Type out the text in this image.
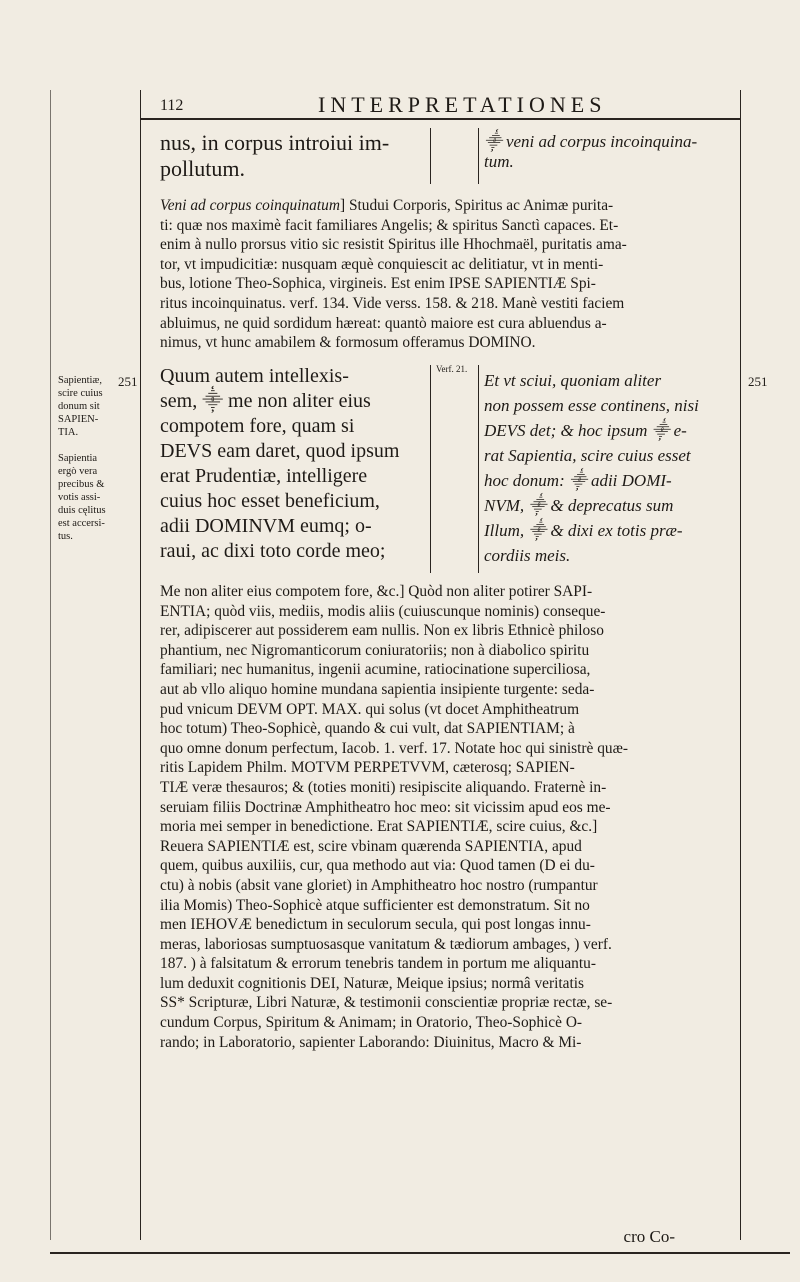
112	INTERPRETATIONES
nus, in corpus introiui im-
pollutum.
⸎ veni ad corpus incoinquina-
tum.
Veni ad corpus coinquinatum] Studui Corporis, Spiritus ac Animæ purita-
ti: quæ nos maximè facit familiares Angelis; & spiritus Sanctì capaces. Et-
enim à nullo prorsus vitio sic resistit Spiritus ille Hhochmaël, puritatis ama-
tor, vt impudicitiæ: nusquam æquè conquiescit ac delitiatur, vt in menti-
bus, lotione Theo-Sophica, virgineis. Est enim IPSE SAPIENTIÆ Spi-
ritus incoinquinatus. verf. 134. Vide verss. 158. & 218. Manè vestiti faciem
abluimus, ne quid sordidum hæreat: quantò maiore est cura abluendus a-
nimus, vt hunc amabilem & formosum offeramus DOMINO.
251	251
Verf. 21.
Sapientiæ,
scire cuius
donum sit
SAPIEN-
TIA.
Sapientia
ergò vera
precibus &
votis assi-
duis cęlitus
est accersi-
tus.
Quum autem intellexis-
sem, ⸎ me non aliter eius
compotem fore, quam si
DEVS eam daret, quod ipsum
erat Prudentiæ, intelligere
cuius hoc esset beneficium,
adii DOMINVM eumq; o-
raui, ac dixi toto corde meo;
Et vt sciui, quoniam aliter
non possem esse continens, nisi
DEVS det; & hoc ipsum ⸎ e-
rat Sapientia, scire cuius esset
hoc donum: ⸎ adii DOMI-
NVM, ⸎ & deprecatus sum
Illum, ⸎ & dixi ex totis præ-
cordiis meis.
Me non aliter eius compotem fore, &c.] Quòd non aliter potirer SAPI-
ENTIA; quòd viis, mediis, modis aliis (cuiuscunque nominis) conseque-
rer, adipiscerer aut possiderem eam nullis. Non ex libris Ethnicè philoso
phantium, nec Nigromanticorum coniuratoriis; non à diabolico spiritu
familiari; nec humanitus, ingenii acumine, ratiocinatione superciliosa,
aut ab vllo aliquo homine mundana sapientia insipiente turgente: seda-
pud vnicum DEVM OPT. MAX. qui solus (vt docet Amphitheatrum
hoc totum) Theo-Sophicè, quando & cui vult, dat SAPIENTIAM; à
quo omne donum perfectum, Iacob. 1. verf. 17. Notate hoc qui sinistrè quæ-
ritis Lapidem Philm. MOTVM PERPETVVM, cæterosq; SAPIEN-
TIÆ veræ thesauros; & (toties moniti) resipiscite aliquando. Fraternè in-
seruiam filiis Doctrinæ Amphitheatro hoc meo: sit vicissim apud eos me-
moria mei semper in benedictione. Erat SAPIENTIÆ, scire cuius, &c.]
Reuera SAPIENTIÆ est, scire vbinam quærenda SAPIENTIA, apud
quem, quibus auxiliis, cur, qua methodo aut via: Quod tamen (D ei du-
ctu) à nobis (absit vane gloriet) in Amphitheatro hoc nostro (rumpantur
ilia Momis) Theo-Sophicè atque sufficienter est demonstratum. Sit no
men IEHOVÆ benedictum in seculorum secula, qui post longas innu-
meras, laboriosas sumptuosasque vanitatum & tædiorum ambages, ) verf.
187. ) à falsitatum & errorum tenebris tandem in portum me aliquantu-
lum deduxit cognitionis DEI, Naturæ, Meique ipsius; normâ veritatis
SS* Scripturæ, Libri Naturæ, & testimonii conscientiæ propriæ rectæ, se-
cundum Corpus, Spiritum & Animam; in Oratorio, Theo-Sophicè O-
rando; in Laboratorio, sapienter Laborando: Diuinitus, Macro & Mi-
cro Co-
